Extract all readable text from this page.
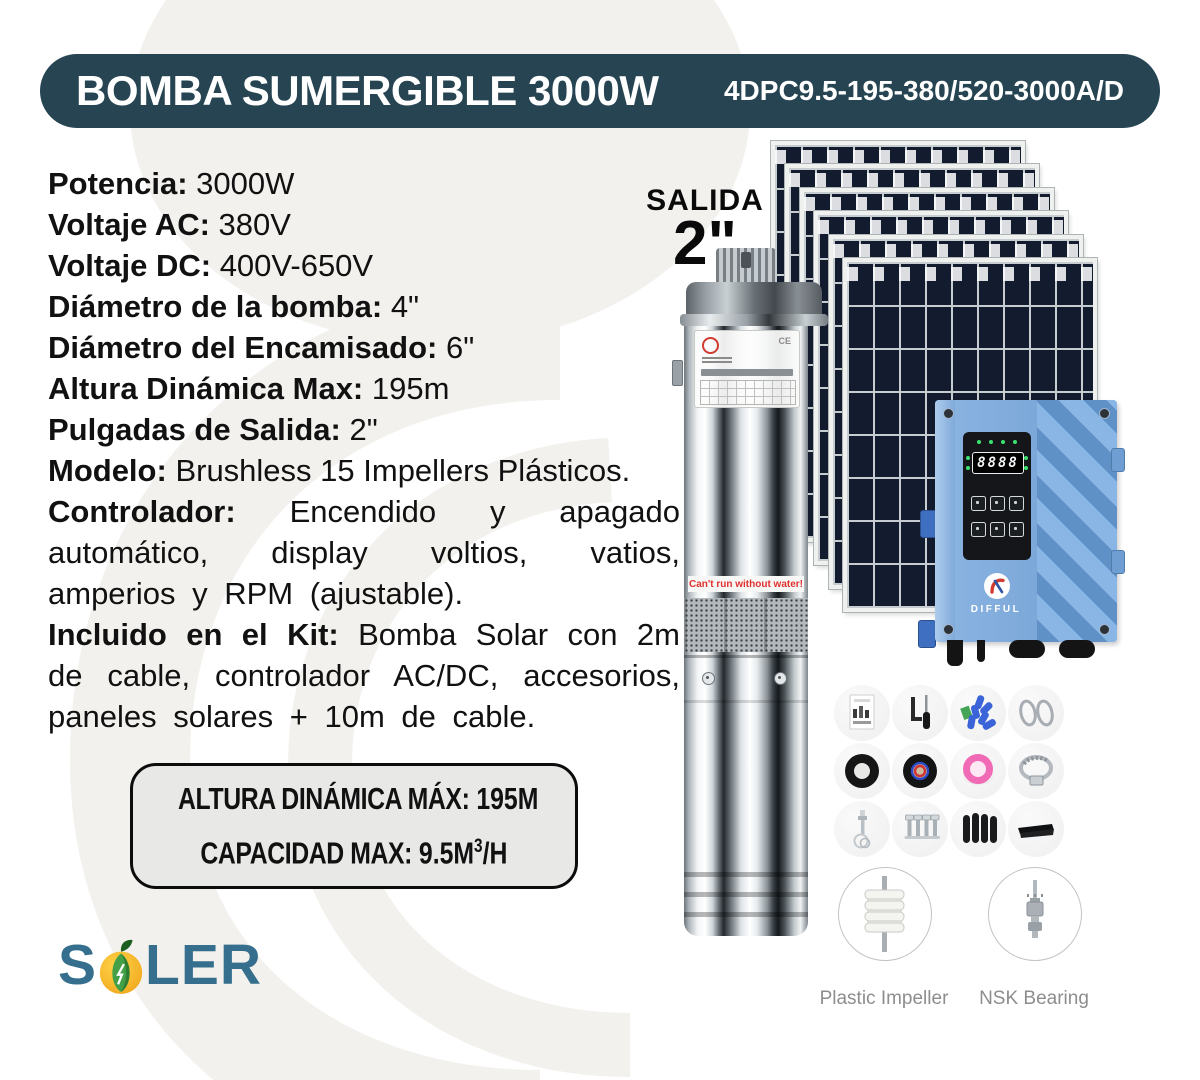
BOMBA SUMERGIBLE 3000W 4DPC9.5-195-380/520-3000A/D
Potencia: 3000W
Voltaje AC: 380V
Voltaje DC: 400V-650V
Diámetro de la bomba: 4"
Diámetro del Encamisado: 6"
Altura Dinámica Max: 195m
Pulgadas de Salida: 2"
Modelo: Brushless 15 Impellers Plásticos.

Controlador: Encendido y apagado automático, display voltios, vatios, amperios y RPM (ajustable).

Incluido en el Kit: Bomba Solar con 2m de cable, controlador AC/DC, accesorios, paneles solares + 10m de cable.

SALIDA
2"
CE
Can't run without water!
8888
DIFFUL
Plastic Impeller	NSK Bearing
ALTURA DINÁMICA MÁX: 195M
CAPACIDAD MAX: $9.5M^3/H$
S LER
